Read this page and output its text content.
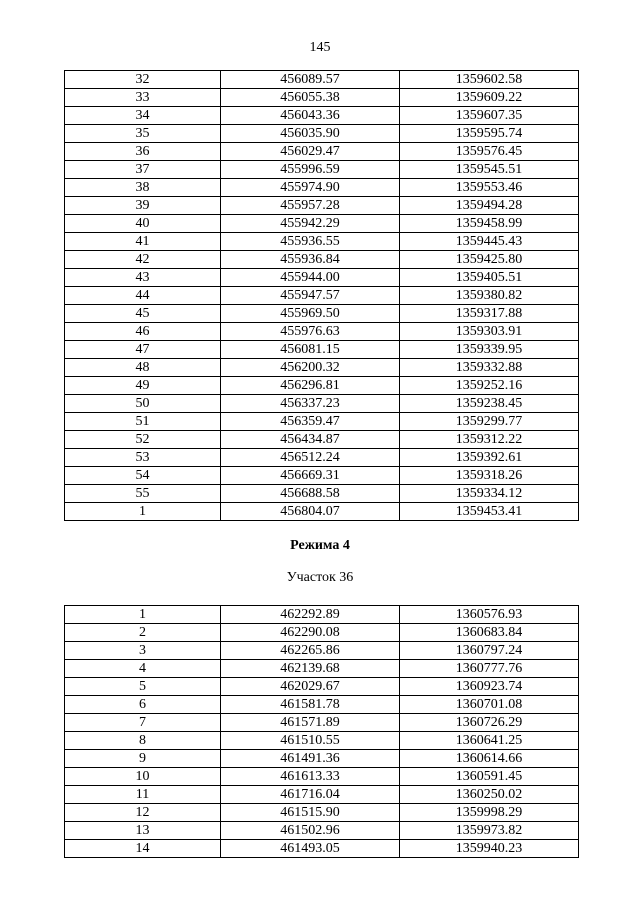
145
32	456089.57	1359602.58
33	456055.38	1359609.22
34	456043.36	1359607.35
35	456035.90	1359595.74
36	456029.47	1359576.45
37	455996.59	1359545.51
38	455974.90	1359553.46
39	455957.28	1359494.28
40	455942.29	1359458.99
41	455936.55	1359445.43
42	455936.84	1359425.80
43	455944.00	1359405.51
44	455947.57	1359380.82
45	455969.50	1359317.88
46	455976.63	1359303.91
47	456081.15	1359339.95
48	456200.32	1359332.88
49	456296.81	1359252.16
50	456337.23	1359238.45
51	456359.47	1359299.77
52	456434.87	1359312.22
53	456512.24	1359392.61
54	456669.31	1359318.26
55	456688.58	1359334.12
1	456804.07	1359453.41
Режима 4
Участок 36
1	462292.89	1360576.93
2	462290.08	1360683.84
3	462265.86	1360797.24
4	462139.68	1360777.76
5	462029.67	1360923.74
6	461581.78	1360701.08
7	461571.89	1360726.29
8	461510.55	1360641.25
9	461491.36	1360614.66
10	461613.33	1360591.45
11	461716.04	1360250.02
12	461515.90	1359998.29
13	461502.96	1359973.82
14	461493.05	1359940.23
